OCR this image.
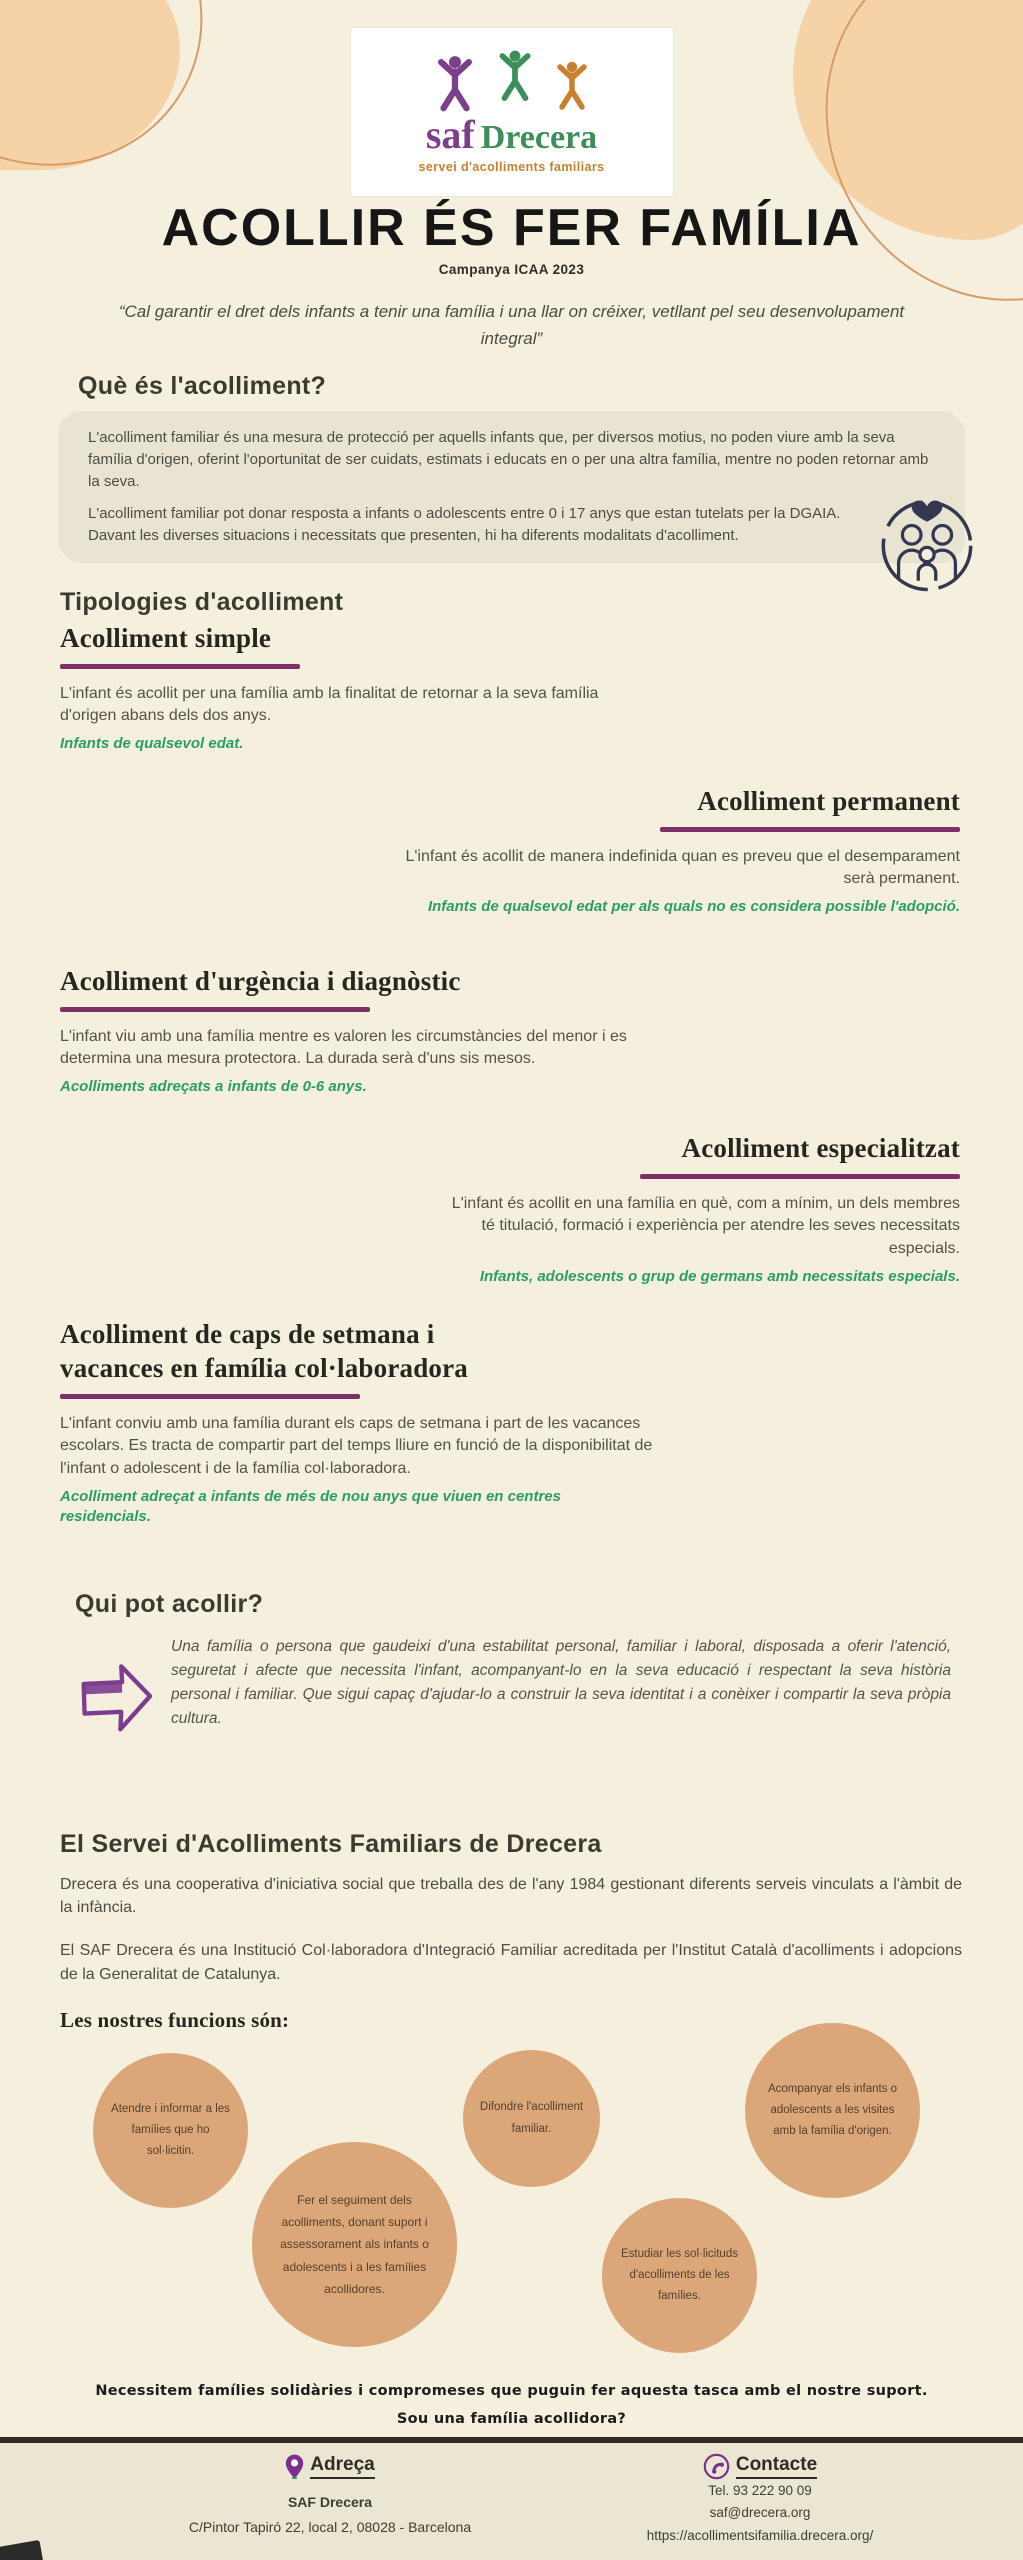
saf Drecera
servei d'acolliments familiars
ACOLLIR ÉS FER FAMÍLIA
Campanya ICAA 2023
“Cal garantir el dret dels infants a tenir una família i una llar on créixer, vetllant pel seu desenvolupament integral”
Què és l'acolliment?

L'acolliment familiar és una mesura de protecció per aquells infants que, per diversos motius, no poden viure amb la seva família d'origen, oferint l'oportunitat de ser cuidats, estimats i educats en o per una altra família, mentre no poden retornar amb la seva.

L'acolliment familiar pot donar resposta a infants o adolescents entre 0 i 17 anys que estan tutelats per la DGAIA. Davant les diverses situacions i necessitats que presenten, hi ha diferents modalitats d'acolliment.

Tipologies d'acolliment
Acolliment simple
L'infant és acollit per una família amb la finalitat de retornar a la seva família d'origen abans dels dos anys.
Infants de qualsevol edat.
Acolliment permanent
L'infant és acollit de manera indefinida quan es preveu que el desemparament serà permanent.
Infants de qualsevol edat per als quals no es considera possible l'adopció.
Acolliment d'urgència i diagnòstic
L'infant viu amb una família mentre es valoren les circumstàncies del menor i es determina una mesura protectora. La durada serà d'uns sis mesos.
Acolliments adreçats a infants de 0-6 anys.
Acolliment especialitzat
L'infant és acollit en una família en què, com a mínim, un dels membres té titulació, formació i experiència per atendre les seves necessitats especials.
Infants, adolescents o grup de germans amb necessitats especials.
Acolliment de caps de setmana i vacances en família col·laboradora
L'infant conviu amb una família durant els caps de setmana i part de les vacances escolars. Es tracta de compartir part del temps lliure en funció de la disponibilitat de l'infant o adolescent i de la família col·laboradora.
Acolliment adreçat a infants de més de nou anys que viuen en centres residencials.
Qui pot acollir?
Una família o persona que gaudeixi d'una estabilitat personal, familiar i laboral, disposada a oferir l'atenció, seguretat i afecte que necessita l'infant, acompanyant-lo en la seva educació i respectant la seva història personal i familiar. Que sigui capaç d'ajudar-lo a construir la seva identitat i a conèixer i compartir la seva pròpia cultura.
El Servei d'Acolliments Familiars de Drecera

Drecera és una cooperativa d'iniciativa social que treballa des de l'any 1984 gestionant diferents serveis vinculats a l'àmbit de la infància.

El SAF Drecera és una Institució Col·laboradora d'Integració Familiar acreditada per l'Institut Català d'acolliments i adopcions de la Generalitat de Catalunya.

Les nostres funcions són:
Atendre i informar a les famílies que ho sol·licitin.
Fer el seguiment dels acolliments, donant suport i assessorament als infants o adolescents i a les famílies acollidores.
Difondre l'acolliment familiar.
Acompanyar els infants o adolescents a les visites amb la família d'origen.
Estudiar les sol·licituds d'acolliments de les famílies.
Necessitem famílies solidàries i compromeses que puguin fer aquesta tasca amb el nostre suport.
Sou una família acollidora?
Adreça
SAF Drecera
C/Pintor Tapiró 22, local 2, 08028 - Barcelona
Contacte
Tel. 93 222 90 09
saf@drecera.org
https://acollimentsifamilia.drecera.org/
